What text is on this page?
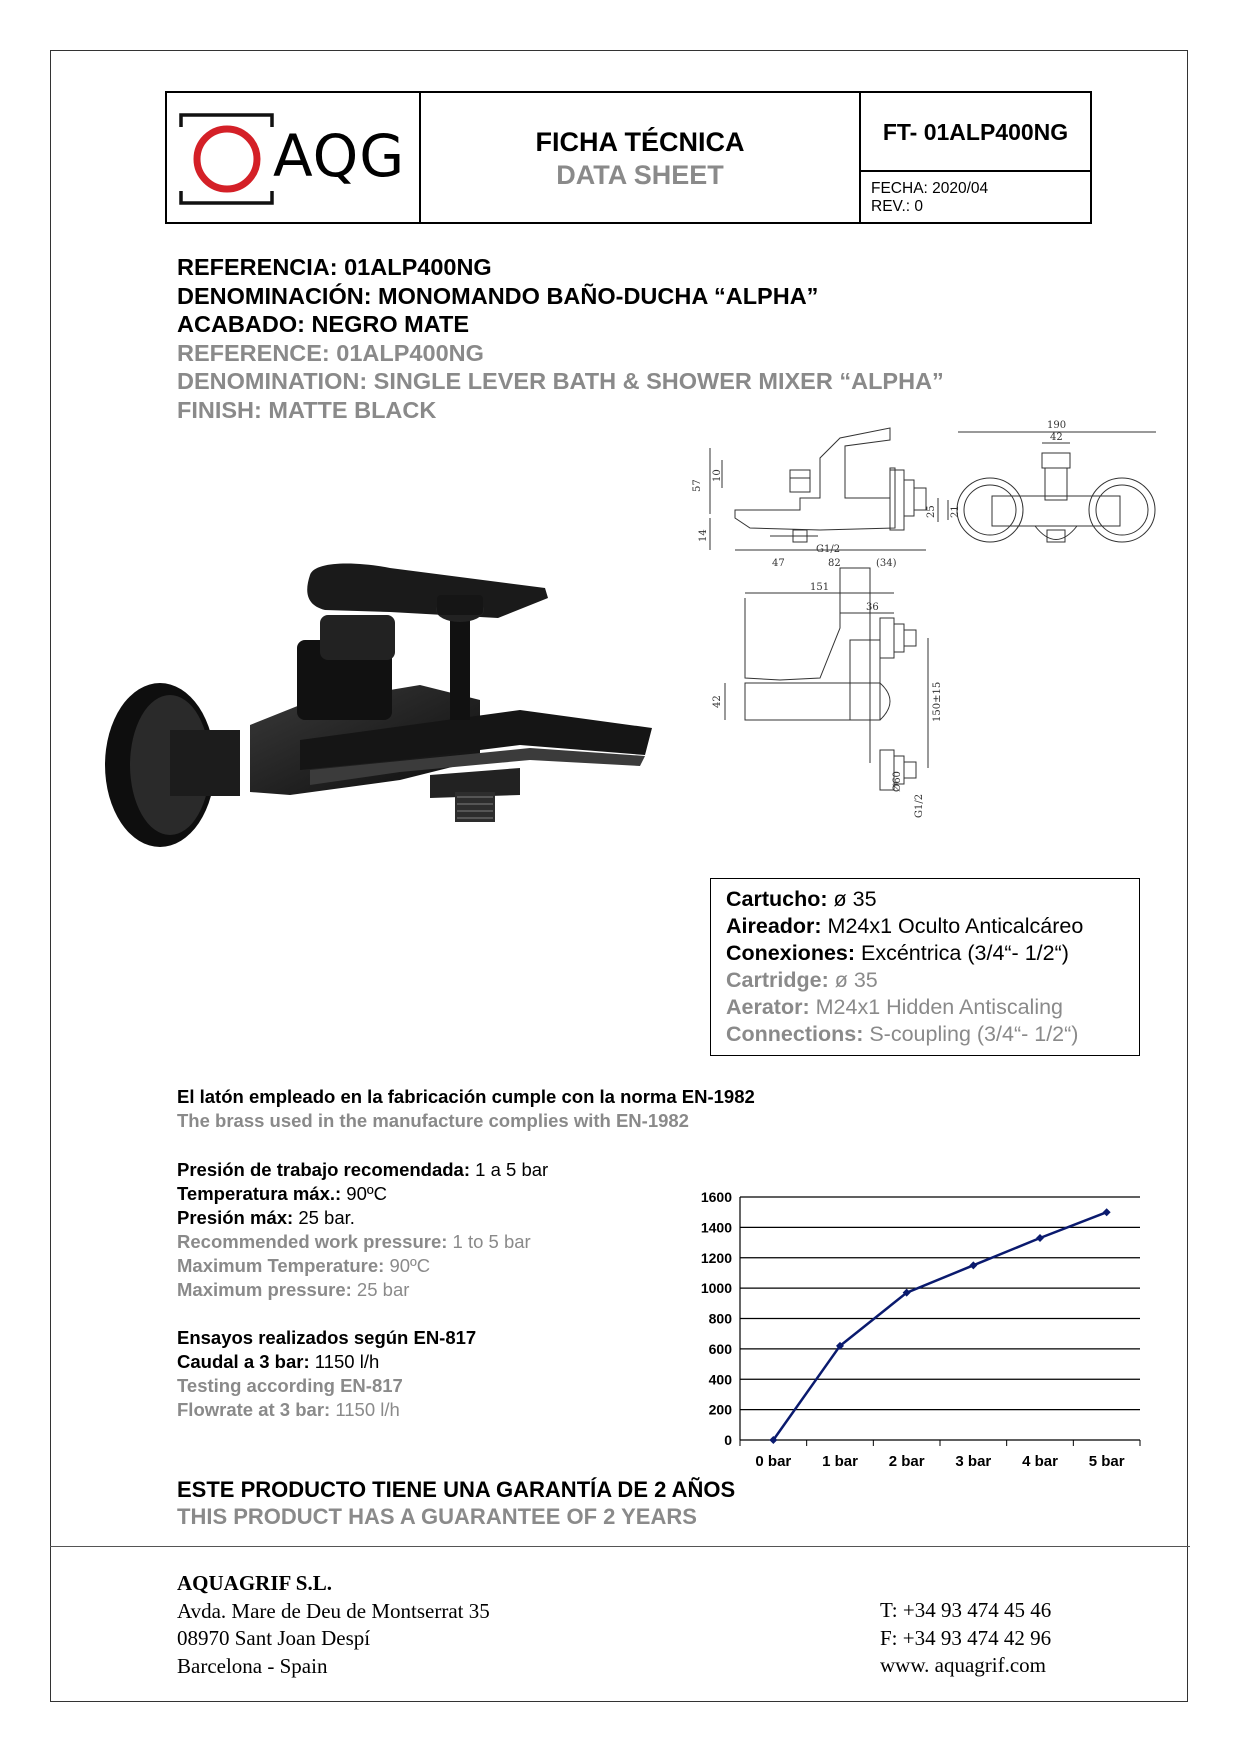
AQG	FICHA TÉCNICA
DATA SHEET
FT- 01ALP400NG
FECHA: 2020/04
REV.: 0

REFERENCIA: 01ALP400NG

DENOMINACIÓN: MONOMANDO BAÑO-DUCHA “ALPHA”

ACABADO: NEGRO MATE

REFERENCE: 01ALP400NG

DENOMINATION: SINGLE LEVER BATH & SHOWER MIXER “ALPHA”

FINISH: MATTE BLACK

57
10
14
G1/2
47	82	(34)
190
42
25 21
151
36
42	150±15
Ø60
G1/2

Cartucho: ø 35

Aireador: M24x1 Oculto Anticalcáreo

Conexiones: Excéntrica (3/4“- 1/2“)

Cartridge: ø 35

Aerator: M24x1 Hidden Antiscaling

Connections: S-coupling (3/4“- 1/2“)

El latón empleado en la fabricación cumple con la norma EN-1982

The brass used in the manufacture complies with EN-1982

Presión de trabajo recomendada: 1 a 5 bar

Temperatura máx.: 90ºC

Presión máx: 25 bar.

Recommended work pressure: 1 to 5 bar

Maximum Temperature: 90ºC

Maximum pressure: 25 bar

Ensayos realizados según EN-817

Caudal a 3 bar: 1150 l/h

Testing according EN-817

Flowrate at 3 bar: 1150 l/h

0
200
400
600
800
1000
1200
1400
1600
0 bar 1 bar 2 bar 3 bar 4 bar 5 bar
ESTE PRODUCTO TIENE UNA GARANTÍA DE 2 AÑOS
THIS PRODUCT HAS A GUARANTEE OF 2 YEARS

AQUAGRIF S.L.

Avda. Mare de Deu de Montserrat 35

08970 Sant Joan Despí

Barcelona - Spain

T: +34 93 474 45 46

F: +34 93 474 42 96

www. aquagrif.com
